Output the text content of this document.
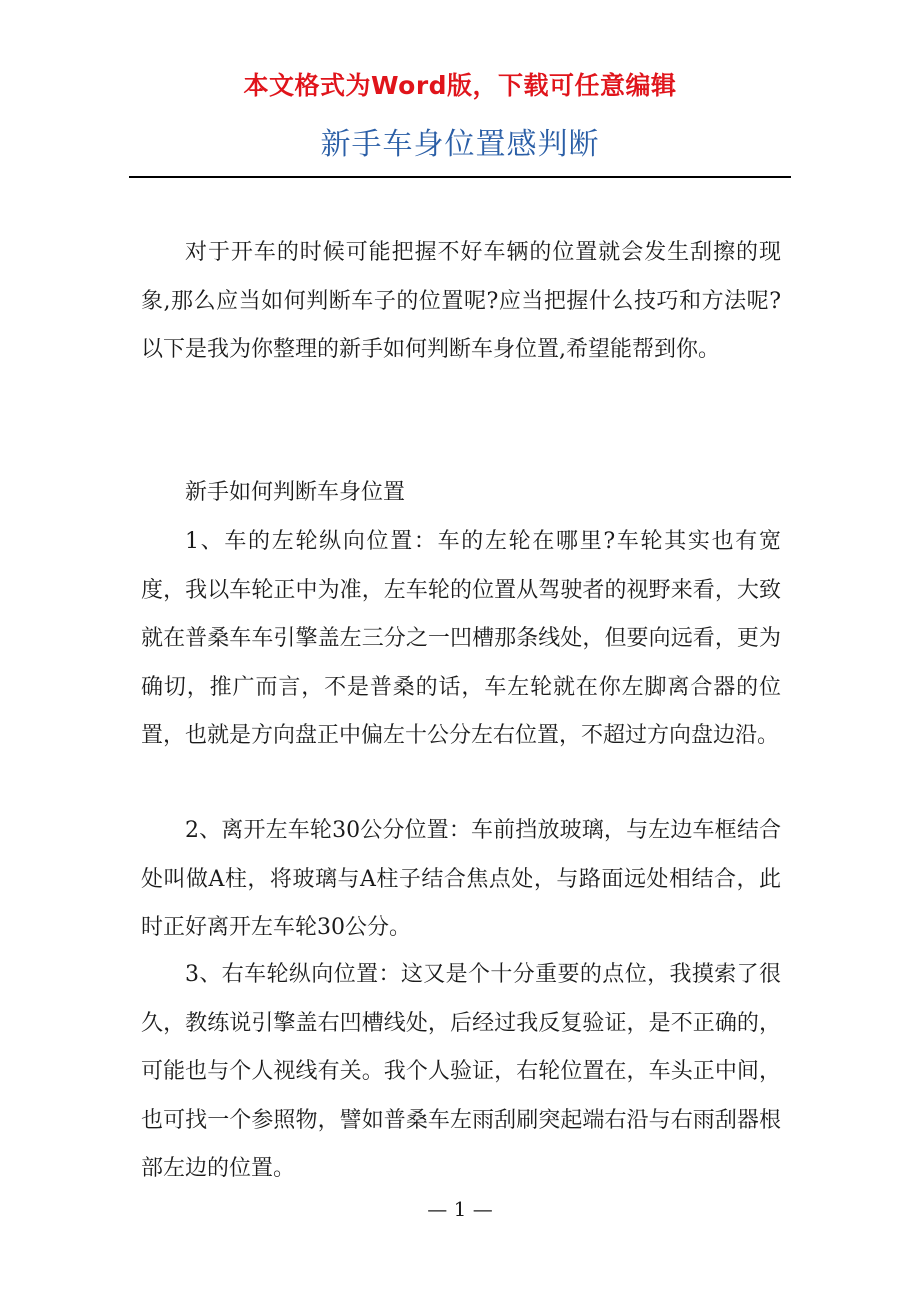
本文格式为Word版，下载可任意编辑
新手车身位置感判断

对于开车的时候可能把握不好车辆的位置就会发生刮擦的现象,那么应当如何判断车子的位置呢?应当把握什么技巧和方法呢?以下是我为你整理的新手如何判断车身位置,希望能帮到你。

新手如何判断车身位置

1、车的左轮纵向位置：车的左轮在哪里?车轮其实也有宽度，我以车轮正中为准，左车轮的位置从驾驶者的视野来看，大致就在普桑车车引擎盖左三分之一凹槽那条线处，但要向远看，更为确切，推广而言，不是普桑的话，车左轮就在你左脚离合器的位置，也就是方向盘正中偏左十公分左右位置，不超过方向盘边沿。

2、离开左车轮30公分位置：车前挡放玻璃，与左边车框结合处叫做A柱，将玻璃与A柱子结合焦点处，与路面远处相结合，此时正好离开左车轮30公分。

3、右车轮纵向位置：这又是个十分重要的点位，我摸索了很久，教练说引擎盖右凹槽线处，后经过我反复验证，是不正确的，可能也与个人视线有关。我个人验证，右轮位置在，车头正中间，也可找一个参照物，譬如普桑车左雨刮刷突起端右沿与右雨刮器根部左边的位置。

— 1 —
